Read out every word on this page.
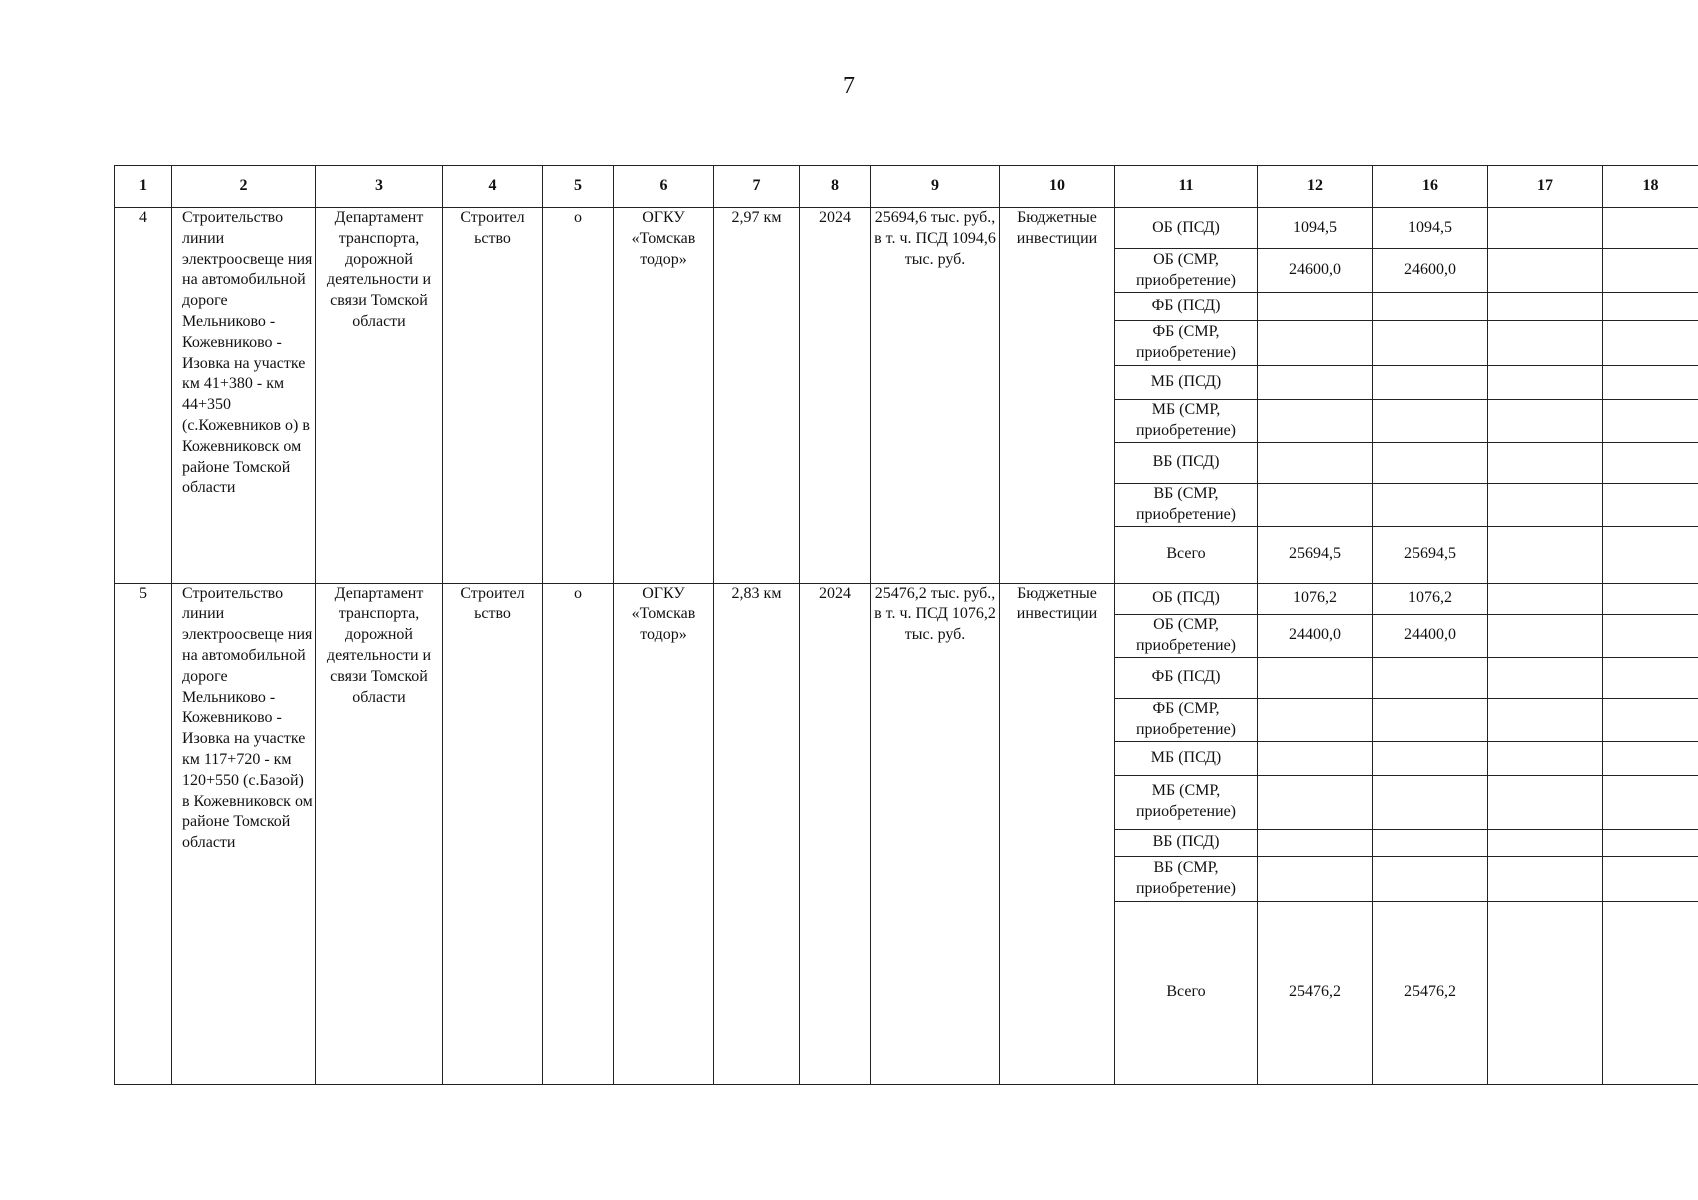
7
1	2	3	4	5	6	7	8	9	10	11	12	16	17	18
4	Строительство линии электроосвеще ния на автомобильной дороге Мельниково - Кожевниково - Изовка на участке км 41+380 - км 44+350 (с.Кожевников о) в Кожевниковск ом районе Томской области	Департамент транспорта, дорожной деятельности и связи Томской области	Строител ьство	о	ОГКУ «Томскав тодор»	2,97 км	2024	25694,6 тыс. руб., в т. ч. ПСД 1094,6 тыс. руб.	Бюджетные инвестиции	ОБ (ПСД)	1094,5	1094,5		
										ОБ (СМР, приобретение)	24600,0	24600,0		
										ФБ (ПСД)				
										ФБ (СМР, приобретение)				
										МБ (ПСД)				
										МБ (СМР, приобретение)				
										ВБ (ПСД)				
										ВБ (СМР, приобретение)				
										Всего	25694,5	25694,5		
5	Строительство линии электроосвеще ния на автомобильной дороге Мельниково - Кожевниково - Изовка на участке км 117+720 - км 120+550 (с.Базой) в Кожевниковск ом районе Томской области	Департамент транспорта, дорожной деятельности и связи Томской области	Строител ьство	о	ОГКУ «Томскав тодор»	2,83 км	2024	25476,2 тыс. руб., в т. ч. ПСД 1076,2 тыс. руб.	Бюджетные инвестиции	ОБ (ПСД)	1076,2	1076,2		
										ОБ (СМР, приобретение)	24400,0	24400,0		
										ФБ (ПСД)				
										ФБ (СМР, приобретение)				
										МБ (ПСД)				
										МБ (СМР, приобретение)				
										ВБ (ПСД)				
										ВБ (СМР, приобретение)				
										Всего	25476,2	25476,2		
